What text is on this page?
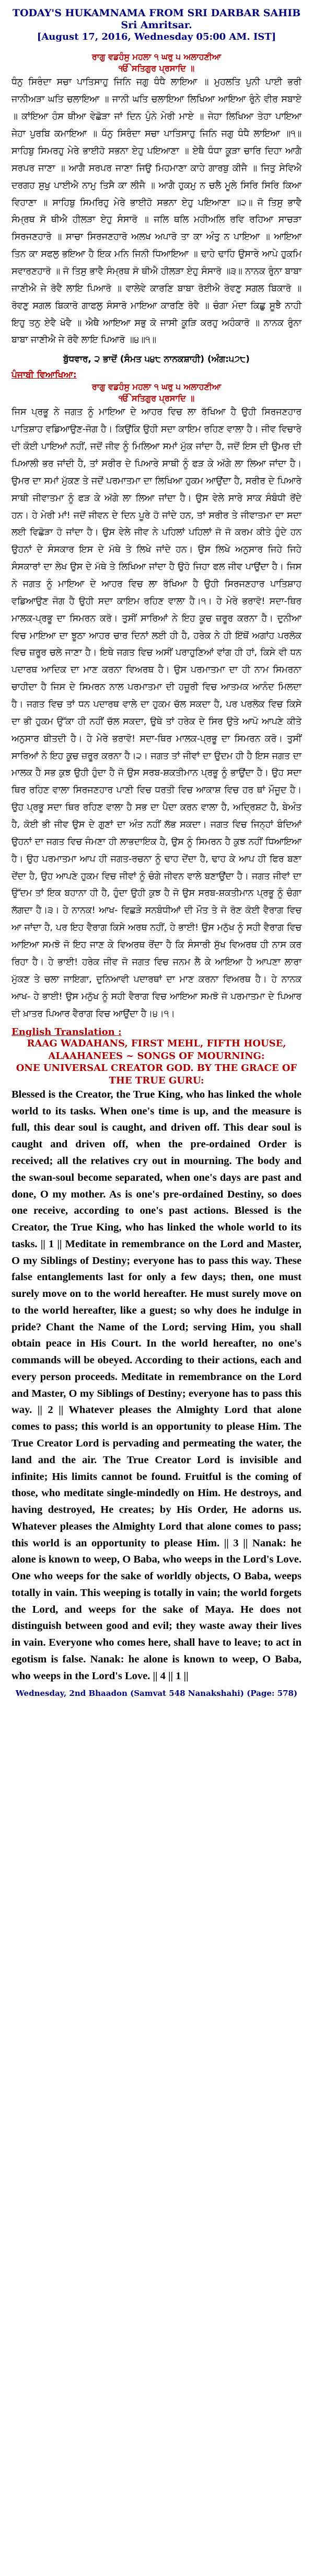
TODAY'S HUKAMNAMA FROM SRI DARBAR SAHIB
Sri Amritsar.
[August 17, 2016, Wednesday 05:00 AM. IST]
ਰਾਗੁ ਵਡਹੰਸੁ ਮਹਲਾ ੧ ਘਰੁ ੫ ਅਲਾਹਣੀਆ
ੴ ਸਤਿਗੁਰ ਪ੍ਰਸਾਦਿ ॥
ਧੰਨੁ ਸਿਰੰਦਾ ਸਚਾ ਪਾਤਿਸਾਹੁ ਜਿਨਿ ਜਗੁ ਧੰਧੈ ਲਾਇਆ ॥ ਮੁਹਲਤਿ ਪੁਨੀ ਪਾਈ ਭਰੀ ਜਾਨੀਅੜਾ ਘਤਿ ਚਲਾਇਆ ॥ ਜਾਨੀ ਘਤਿ ਚਲਾਇਆ ਲਿਖਿਆ ਆਇਆ ਰੁੰਨੇ ਵੀਰ ਸਬਾਏ ॥ ਕਾਂਇਆ ਹੰਸ ਥੀਆ ਵੇਛੋੜਾ ਜਾਂ ਦਿਨ ਪੁੰਨੇ ਮੇਰੀ ਮਾਏ ॥ ਜੇਹਾ ਲਿਖਿਆ ਤੇਹਾ ਪਾਇਆ ਜੇਹਾ ਪੁਰਬਿ ਕਮਾਇਆ ॥ ਧੰਨੁ ਸਿਰੰਦਾ ਸਚਾ ਪਾਤਿਸਾਹੁ ਜਿਨਿ ਜਗੁ ਧੰਧੈ ਲਾਇਆ ॥੧॥ ਸਾਹਿਬੁ ਸਿਮਰਹੁ ਮੇਰੇ ਭਾਈਹੋ ਸਭਨਾ ਏਹੁ ਪਇਆਣਾ ॥ ਏਥੈ ਧੰਧਾ ਕੂੜਾ ਚਾਰਿ ਦਿਹਾ ਆਗੈ ਸਰਪਰ ਜਾਣਾ ॥ ਆਗੈ ਸਰਪਰ ਜਾਣਾ ਜਿਉ ਮਿਹਮਾਣਾ ਕਾਹੇ ਗਾਰਬੁ ਕੀਜੈ ॥ ਜਿਤੁ ਸੇਵਿਐ ਦਰਗਹ ਸੁਖੁ ਪਾਈਐ ਨਾਮੁ ਤਿਸੈ ਕਾ ਲੀਜੈ ॥ ਆਗੈ ਹੁਕਮੁ ਨ ਚਲੈ ਮੂਲੇ ਸਿਰਿ ਸਿਰਿ ਕਿਆ ਵਿਹਾਣਾ ॥ ਸਾਹਿਬੁ ਸਿਮਰਿਹੁ ਮੇਰੇ ਭਾਈਹੋ ਸਭਨਾ ਏਹੁ ਪਇਆਣਾ ॥੨॥ ਜੋ ਤਿਸੁ ਭਾਵੈ ਸੰਮ੍ਰਥ ਸੋ ਥੀਐ ਹੀਲੜਾ ਏਹੁ ਸੰਸਾਰੋ ॥ ਜਲਿ ਥਲਿ ਮਹੀਅਲਿ ਰਵਿ ਰਹਿਆ ਸਾਚੜਾ ਸਿਰਜਣਹਾਰੋ ॥ ਸਾਚਾ ਸਿਰਜਣਹਾਰੋ ਅਲਖ ਅਪਾਰੋ ਤਾ ਕਾ ਅੰਤੁ ਨ ਪਾਇਆ ॥ ਆਇਆ ਤਿਨ ਕਾ ਸਫਲੁ ਭਇਆ ਹੈ ਇਕ ਮਨਿ ਜਿਨੀ ਧਿਆਇਆ ॥ ਢਾਹੇ ਢਾਹਿ ਉਸਾਰੇ ਆਪੇ ਹੁਕਮਿ ਸਵਾਰਣਹਾਰੋ ॥ ਜੋ ਤਿਸੁ ਭਾਵੈ ਸੰਮ੍ਰਥ ਸੋ ਥੀਐ ਹੀਲੜਾ ਏਹੁ ਸੰਸਾਰੋ ॥੩॥ ਨਾਨਕ ਰੁੰਨਾ ਬਾਬਾ ਜਾਣੀਐ ਜੇ ਰੋਵੈ ਲਾਇ ਪਿਆਰੋ ॥ ਵਾਲੇਵੇ ਕਾਰਣਿ ਬਾਬਾ ਰੋਈਐ ਰੋਵਣੁ ਸਗਲ ਬਿਕਾਰੋ ॥ ਰੋਵਣੁ ਸਗਲ ਬਿਕਾਰੋ ਗਾਫਲੁ ਸੰਸਾਰੋ ਮਾਇਆ ਕਾਰਣਿ ਰੋਵੈ ॥ ਚੰਗਾ ਮੰਦਾ ਕਿਛੁ ਸੂਝੈ ਨਾਹੀ ਇਹੁ ਤਨੁ ਏਵੈ ਖੋਵੈ ॥ ਐਥੈ ਆਇਆ ਸਭੁ ਕੋ ਜਾਸੀ ਕੂੜਿ ਕਰਹੁ ਅਹੰਕਾਰੋ ॥ ਨਾਨਕ ਰੁੰਨਾ ਬਾਬਾ ਜਾਣੀਐ ਜੇ ਰੋਵੈ ਲਾਇ ਪਿਆਰੋ ॥੪॥੧॥
ਬੁੱਧਵਾਰ, ੨ ਭਾਦੋਂ (ਸੰਮਤ ੫੪੮ ਨਾਨਕਸ਼ਾਹੀ) (ਅੰਗ:੫੭੮)
ਪੰਜਾਬੀ ਵਿਆਖਿਆ:
ਰਾਗੁ ਵਡਹੰਸੁ ਮਹਲਾ ੧ ਘਰੁ ੫ ਅਲਾਹਣੀਆ
ੴ ਸਤਿਗੁਰ ਪ੍ਰਸਾਦਿ ॥
ਜਿਸ ਪ੍ਰਭੂ ਨੇ ਜਗਤ ਨੂੰ ਮਾਇਆ ਦੇ ਆਹਰ ਵਿਚ ਲਾ ਰੱਖਿਆ ਹੈ ਉਹੀ ਸਿਰਜਣਹਾਰ ਪਾਤਿਸ਼ਾਹ ਵਡਿਆਉਣ-ਜੋਗ ਹੈ। ਕਿਉਂਕਿ ਉਹੀ ਸਦਾ ਕਾਇਮ ਰਹਿਣ ਵਾਲਾ ਹੈ। ਜੀਵ ਵਿਚਾਰੇ ਦੀ ਕੋਈ ਪਾਇਆਂ ਨਹੀਂ, ਜਦੋਂ ਜੀਵ ਨੂੰ ਮਿਲਿਆ ਸਮਾਂ ਮੁੱਕ ਜਾਂਦਾ ਹੈ, ਜਦੋਂ ਇਸ ਦੀ ਉਮਰ ਦੀ ਪਿਆਲੀ ਭਰ ਜਾਂਦੀ ਹੈ, ਤਾਂ ਸਰੀਰ ਦੇ ਪਿਆਰੇ ਸਾਥੀ ਨੂੰ ਫੜ ਕੇ ਅੱਗੇ ਲਾ ਲਿਆ ਜਾਂਦਾ ਹੈ। ਉਮਰ ਦਾ ਸਮਾਂ ਮੁੱਕਣ ਤੇ ਜਦੋਂ ਪਰਮਾਤਮਾ ਦਾ ਲਿਖਿਆ ਹੁਕਮ ਆਉਂਦਾ ਹੈ, ਸਰੀਰ ਦੇ ਪਿਆਰੇ ਸਾਥੀ ਜੀਵਾਤਮਾ ਨੂੰ ਫੜ ਕੇ ਅੱਗੇ ਲਾ ਲਿਆ ਜਾਂਦਾ ਹੈ। ਉਸ ਵੇਲੇ ਸਾਰੇ ਸਾਕ ਸੰਬੰਧੀ ਰੋਂਦੇ ਹਨ। ਹੇ ਮੇਰੀ ਮਾਂ! ਜਦੋਂ ਜੀਵਨ ਦੇ ਦਿਨ ਪੂਰੇ ਹੋ ਜਾਂਦੇ ਹਨ, ਤਾਂ ਸਰੀਰ ਤੇ ਜੀਵਾਤਮਾ ਦਾ ਸਦਾ ਲਈ ਵਿਛੋੜਾ ਹੋ ਜਾਂਦਾ ਹੈ। ਉਸ ਵੇਲੇ ਜੀਵ ਨੇ ਪਹਿਲਾਂ ਪਹਿਲਾਂ ਜੋ ਜੋ ਕਰਮ ਕੀਤੇ ਹੁੰਦੇ ਹਨ ਉਹਨਾਂ ਦੇ ਸੰਸਕਾਰ ਇਸ ਦੇ ਮੱਥੇ ਤੇ ਲਿਖੇ ਜਾਂਦੇ ਹਨ। ਉਸ ਲਿਖੇ ਅਨੁਸਾਰ ਜਿਹੇ ਜਿਹੇ ਸੰਸਕਾਰਾਂ ਦਾ ਲੇਖ ਉਸ ਦੇ ਮੱਥੇ ਤੇ ਲਿਖਿਆ ਜਾਂਦਾ ਹੈ ਉਹੋ ਜਿਹਾ ਫਲ ਜੀਵ ਪਾਉਂਦਾ ਹੈ। ਜਿਸ ਨੇ ਜਗਤ ਨੂੰ ਮਾਇਆ ਦੇ ਆਹਰ ਵਿਚ ਲਾ ਰੱਖਿਆ ਹੈ ਉਹੀ ਸਿਰਜਣਹਾਰ ਪਾਤਿਸ਼ਾਹ ਵਡਿਆਉਣ ਜੋਗ ਹੈ ਉਹੀ ਸਦਾ ਕਾਇਮ ਰਹਿਣ ਵਾਲਾ ਹੈ।੧। ਹੇ ਮੇਰੇ ਭਰਾਵੋ! ਸਦਾ-ਥਿਰ ਮਾਲਕ-ਪ੍ਰਭੂ ਦਾ ਸਿਮਰਨ ਕਰੋ। ਤੁਸੀਂ ਸਾਰਿਆਂ ਨੇ ਇਹ ਕੂਚ ਜ਼ਰੂਰ ਕਰਨਾ ਹੈ। ਦੁਨੀਆ ਵਿਚ ਮਾਇਆ ਦਾ ਝੂਠਾ ਆਹਰ ਚਾਰ ਦਿਨਾਂ ਲਈ ਹੀ ਹੈ, ਹਰੇਕ ਨੇ ਹੀ ਇੱਥੋਂ ਅਗਾਂਹ ਪਰਲੋਕ ਵਿਚ ਜ਼ਰੂਰ ਚਲੇ ਜਾਣਾ ਹੈ। ਇਥੇ ਜਗਤ ਵਿਚ ਅਸੀਂ ਪਰਾਹੁਣਿਆਂ ਵਾਂਗ ਹੀ ਹਾਂ, ਕਿਸੇ ਵੀ ਧਨ ਪਦਾਰਥ ਆਦਿਕ ਦਾ ਮਾਣ ਕਰਨਾ ਵਿਅਰਥ ਹੈ। ਉਸ ਪਰਮਾਤਮਾ ਦਾ ਹੀ ਨਾਮ ਸਿਮਰਨਾ ਚਾਹੀਦਾ ਹੈ ਜਿਸ ਦੇ ਸਿਮਰਨ ਨਾਲ ਪਰਮਾਤਮਾ ਦੀ ਹਜ਼ੂਰੀ ਵਿਚ ਆਤਮਕ ਆਨੰਦ ਮਿਲਦਾ ਹੈ। ਜਗਤ ਵਿਚ ਤਾਂ ਧਨ ਪਦਾਰਥ ਵਾਲੇ ਦਾ ਹੁਕਮ ਚੱਲ ਸਕਦਾ ਹੈ, ਪਰ ਪਰਲੋਕ ਵਿਚ ਕਿਸੇ ਦਾ ਭੀ ਹੁਕਮ ਉੱਕਾ ਹੀ ਨਹੀਂ ਚੱਲ ਸਕਦਾ, ਉਥੇ ਤਾਂ ਹਰੇਕ ਦੇ ਸਿਰ ਉਤੇ ਆਪੋ ਆਪਣੇ ਕੀਤੇ ਅਨੁਸਾਰ ਬੀਤਦੀ ਹੈ। ਹੇ ਮੇਰੇ ਭਰਾਵੋ! ਸਦਾ-ਥਿਰ ਮਾਲਕ-ਪ੍ਰਭੂ ਦਾ ਸਿਮਰਨ ਕਰੋ। ਤੁਸੀਂ ਸਾਰਿਆਂ ਨੇ ਇਹ ਕੂਚ ਜ਼ਰੂਰ ਕਰਨਾ ਹੈ।੨। ਜਗਤ ਤਾਂ ਜੀਵਾਂ ਦਾ ਉਦਮ ਹੀ ਹੈ ਇਸ ਜਗਤ ਦਾ ਮਾਲਕ ਹੈ ਸਭ ਕੁਝ ਉਹੀ ਹੁੰਦਾ ਹੈ ਜੋ ਉਸ ਸਰਬ-ਸ਼ਕਤੀਮਾਨ ਪ੍ਰਭੂ ਨੂੰ ਭਾਉਂਦਾ ਹੈ। ਉਹ ਸਦਾ ਥਿਰ ਰਹਿਣ ਵਾਲਾ ਸਿਰਜਣਹਾਰ ਪਾਣੀ ਵਿਚ ਧਰਤੀ ਵਿਚ ਆਕਾਸ਼ ਵਿਚ ਹਰ ਥਾਂ ਮੌਜੂਦ ਹੈ। ਉਹ ਪ੍ਰਭੂ ਸਦਾ ਥਿਰ ਰਹਿਣ ਵਾਲਾ ਹੈ ਸਭ ਦਾ ਪੈਦਾ ਕਰਨ ਵਾਲਾ ਹੈ, ਅਦ੍ਰਿਸ਼ਟ ਹੈ, ਬੇਅੰਤ ਹੈ, ਕੋਈ ਭੀ ਜੀਵ ਉਸ ਦੇ ਗੁਣਾਂ ਦਾ ਅੰਤ ਨਹੀਂ ਲੱਭ ਸਕਦਾ। ਜਗਤ ਵਿਚ ਜਿਨ੍ਹਾਂ ਬੰਦਿਆਂ ਉਹਨਾਂ ਦਾ ਜਗਤ ਵਿਚ ਜੰਮਣਾ ਹੀ ਲਾਭਦਾਇਕ ਹੈ, ਉਸ ਨੂੰ ਸਿਮਰਨ ਹੈ ਕੁਝ ਨਹੀਂ ਧਿਆਇਆ ਹੈ। ਉਹ ਪਰਮਾਤਮਾ ਆਪ ਹੀ ਜਗਤ-ਰਚਨਾ ਨੂੰ ਢਾਹ ਦੇਂਦਾ ਹੈ, ਢਾਹ ਕੇ ਆਪ ਹੀ ਫਿਰ ਬਣਾ ਦੇਂਦਾ ਹੈ, ਉਹ ਆਪਣੇ ਹੁਕਮ ਵਿਚ ਜੀਵਾਂ ਨੂੰ ਚੰਗੇ ਜੀਵਨ ਵਾਲੇ ਬਣਾਉਂਦਾ ਹੈ। ਜਗਤ ਜੀਵਾਂ ਦਾ ਉੱਦਮ ਤਾਂ ਇਕ ਬਹਾਨਾ ਹੀ ਹੈ, ਹੁੰਦਾ ਉਹੀ ਕੁਝ ਹੈ ਜੋ ਉਸ ਸਰਬ-ਸ਼ਕਤੀਮਾਨ ਪ੍ਰਭੂ ਨੂੰ ਚੰਗਾ ਲੱਗਦਾ ਹੈ।੩। ਹੇ ਨਾਨਕ! ਆਖ- ਵਿਛੜੇ ਸਨਬੰਧੀਆਂ ਦੀ ਮੌਤ ਤੇ ਜੋ ਰੋਣ ਕੋਈ ਵੈਰਾਗ ਵਿਚ ਆ ਜਾਂਦਾ ਹੈ, ਪਰ ਇਹ ਵੈਰਾਗ ਕਿਸੇ ਅਰਥ ਨਹੀਂ, ਹੇ ਭਾਈ! ਉਸ ਮਨੁੱਖ ਨੂੰ ਸਹੀ ਵੈਰਾਗ ਵਿਚ ਆਇਆ ਸਮਝੋ ਜੋ ਇਹ ਜਾਣ ਕੇ ਵਿਅਰਥ ਰੋਂਦਾ ਹੈ ਕਿ ਸੰਸਾਰੀ ਸੁੱਖ ਵਿਅਰਥ ਹੀ ਨਾਸ ਕਰ ਰਿਹਾ ਹੈ। ਹੇ ਭਾਈ! ਹਰੇਕ ਜੀਵ ਜੋ ਜਗਤ ਵਿਚ ਜਨਮ ਲੈ ਕੇ ਆਇਆ ਹੈ ਆਪਣਾ ਲਾਰਾ ਮੁੱਕਣ ਤੇ ਚਲਾ ਜਾਇਗਾ, ਦੁਨਿਆਵੀ ਪਦਾਰਥਾਂ ਦਾ ਮਾਣ ਕਰਨਾ ਵਿਅਰਥ ਹੈ। ਹੇ ਨਾਨਕ ਆਖ- ਹੇ ਭਾਈ! ਉਸ ਮਨੁੱਖ ਨੂੰ ਸਹੀ ਵੈਰਾਗ ਵਿਚ ਆਇਆ ਸਮਝੋ ਜੋ ਪਰਮਾਤਮਾ ਦੇ ਪਿਆਰ ਦੀ ਖ਼ਾਤਰ ਪਿਆਰ ਵੈਰਾਗ ਵਿਚ ਆਉਂਦਾ ਹੈ।੪।੧।
English Translation :
RAAG WADAHANS, FIRST MEHL, FIFTH HOUSE, ALAAHANEES ~ SONGS OF MOURNING:
ONE UNIVERSAL CREATOR GOD. BY THE GRACE OF THE TRUE GURU:
Blessed is the Creator, the True King, who has linked the whole world to its tasks. When one's time is up, and the measure is full, this dear soul is caught, and driven off. This dear soul is caught and driven off, when the pre-ordained Order is received; all the relatives cry out in mourning. The body and the swan-soul become separated, when one's days are past and done, O my mother. As is one's pre-ordained Destiny, so does one receive, according to one's past actions. Blessed is the Creator, the True King, who has linked the whole world to its tasks. || 1 || Meditate in remembrance on the Lord and Master, O my Siblings of Destiny; everyone has to pass this way. These false entanglements last for only a few days; then, one must surely move on to the world hereafter. He must surely move on to the world hereafter, like a guest; so why does he indulge in pride? Chant the Name of the Lord; serving Him, you shall obtain peace in His Court. In the world hereafter, no one's commands will be obeyed. According to their actions, each and every person proceeds. Meditate in remembrance on the Lord and Master, O my Siblings of Destiny; everyone has to pass this way. || 2 || Whatever pleases the Almighty Lord that alone comes to pass; this world is an opportunity to please Him. The True Creator Lord is pervading and permeating the water, the land and the air. The True Creator Lord is invisible and infinite; His limits cannot be found. Fruitful is the coming of those, who meditate single-mindedly on Him. He destroys, and having destroyed, He creates; by His Order, He adorns us. Whatever pleases the Almighty Lord that alone comes to pass; this world is an opportunity to please Him. || 3 || Nanak: he alone is known to weep, O Baba, who weeps in the Lord's Love. One who weeps for the sake of worldly objects, O Baba, weeps totally in vain. This weeping is totally in vain; the world forgets the Lord, and weeps for the sake of Maya. He does not distinguish between good and evil; they waste away their lives in vain. Everyone who comes here, shall have to leave; to act in egotism is false. Nanak: he alone is known to weep, O Baba, who weeps in the Lord's Love. || 4 || 1 ||
Wednesday, 2nd Bhaadon (Samvat 548 Nanakshahi) (Page: 578)
